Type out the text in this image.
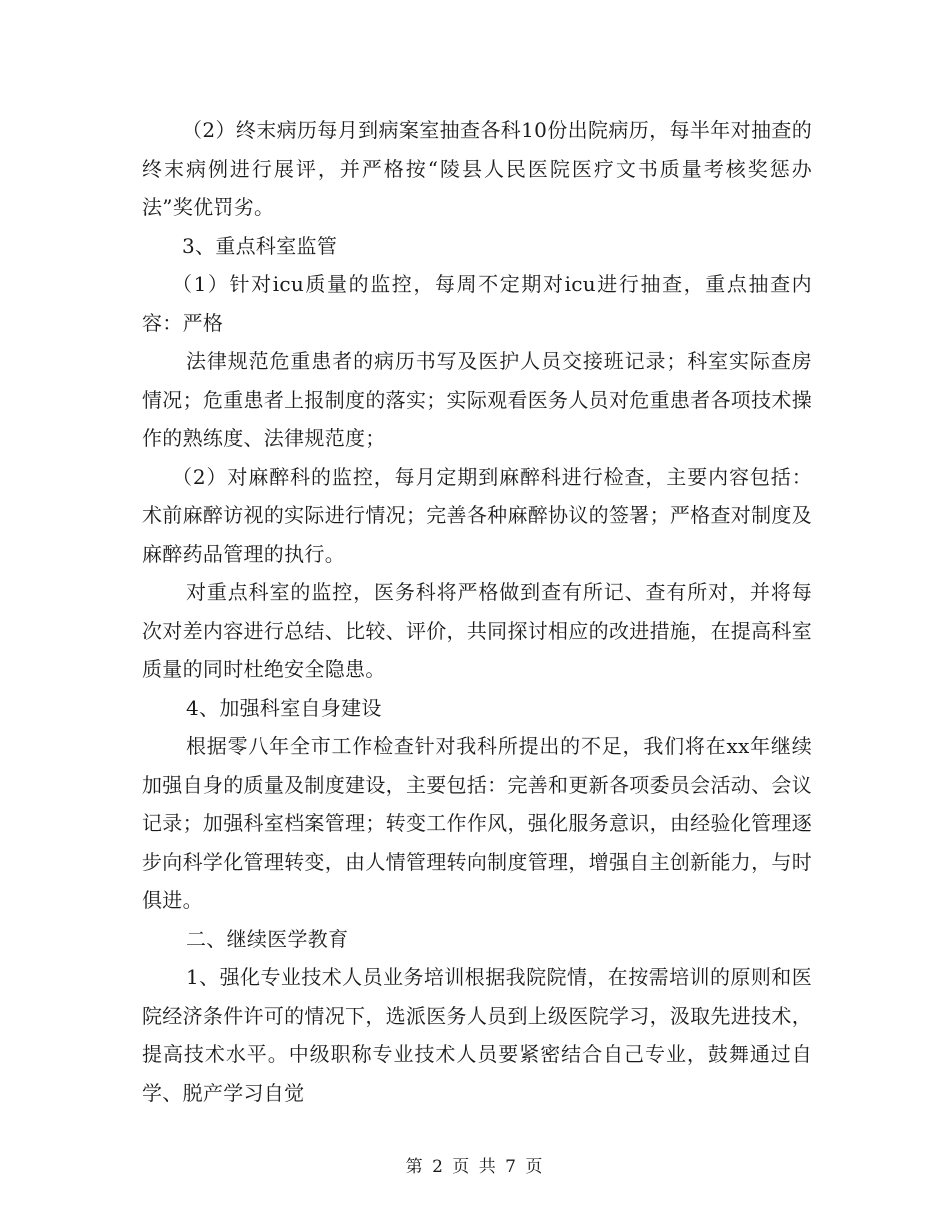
（2）终末病历每月到病案室抽查各科10份出院病历，每半年对抽查的终末病例进行展评，并严格按“陵县人民医院医疗文书质量考核奖惩办法”奖优罚劣。

3、重点科室监管

（1）针对icu质量的监控，每周不定期对icu进行抽查，重点抽查内容：严格

法律规范危重患者的病历书写及医护人员交接班记录；科室实际查房情况；危重患者上报制度的落实；实际观看医务人员对危重患者各项技术操作的熟练度、法律规范度；

（2）对麻醉科的监控，每月定期到麻醉科进行检查，主要内容包括：术前麻醉访视的实际进行情况；完善各种麻醉协议的签署；严格查对制度及麻醉药品管理的执行。

对重点科室的监控，医务科将严格做到查有所记、查有所对，并将每次对差内容进行总结、比较、评价，共同探讨相应的改进措施，在提高科室质量的同时杜绝安全隐患。

4、加强科室自身建设

根据零八年全市工作检查针对我科所提出的不足，我们将在xx年继续加强自身的质量及制度建设，主要包括：完善和更新各项委员会活动、会议记录；加强科室档案管理；转变工作作风，强化服务意识，由经验化管理逐步向科学化管理转变，由人情管理转向制度管理，增强自主创新能力，与时俱进。

二、继续医学教育

1、强化专业技术人员业务培训根据我院院情，在按需培训的原则和医院经济条件许可的情况下，选派医务人员到上级医院学习，汲取先进技术，提高技术水平。中级职称专业技术人员要紧密结合自己专业，鼓舞通过自学、脱产学习自觉

第 2 页 共 7 页
